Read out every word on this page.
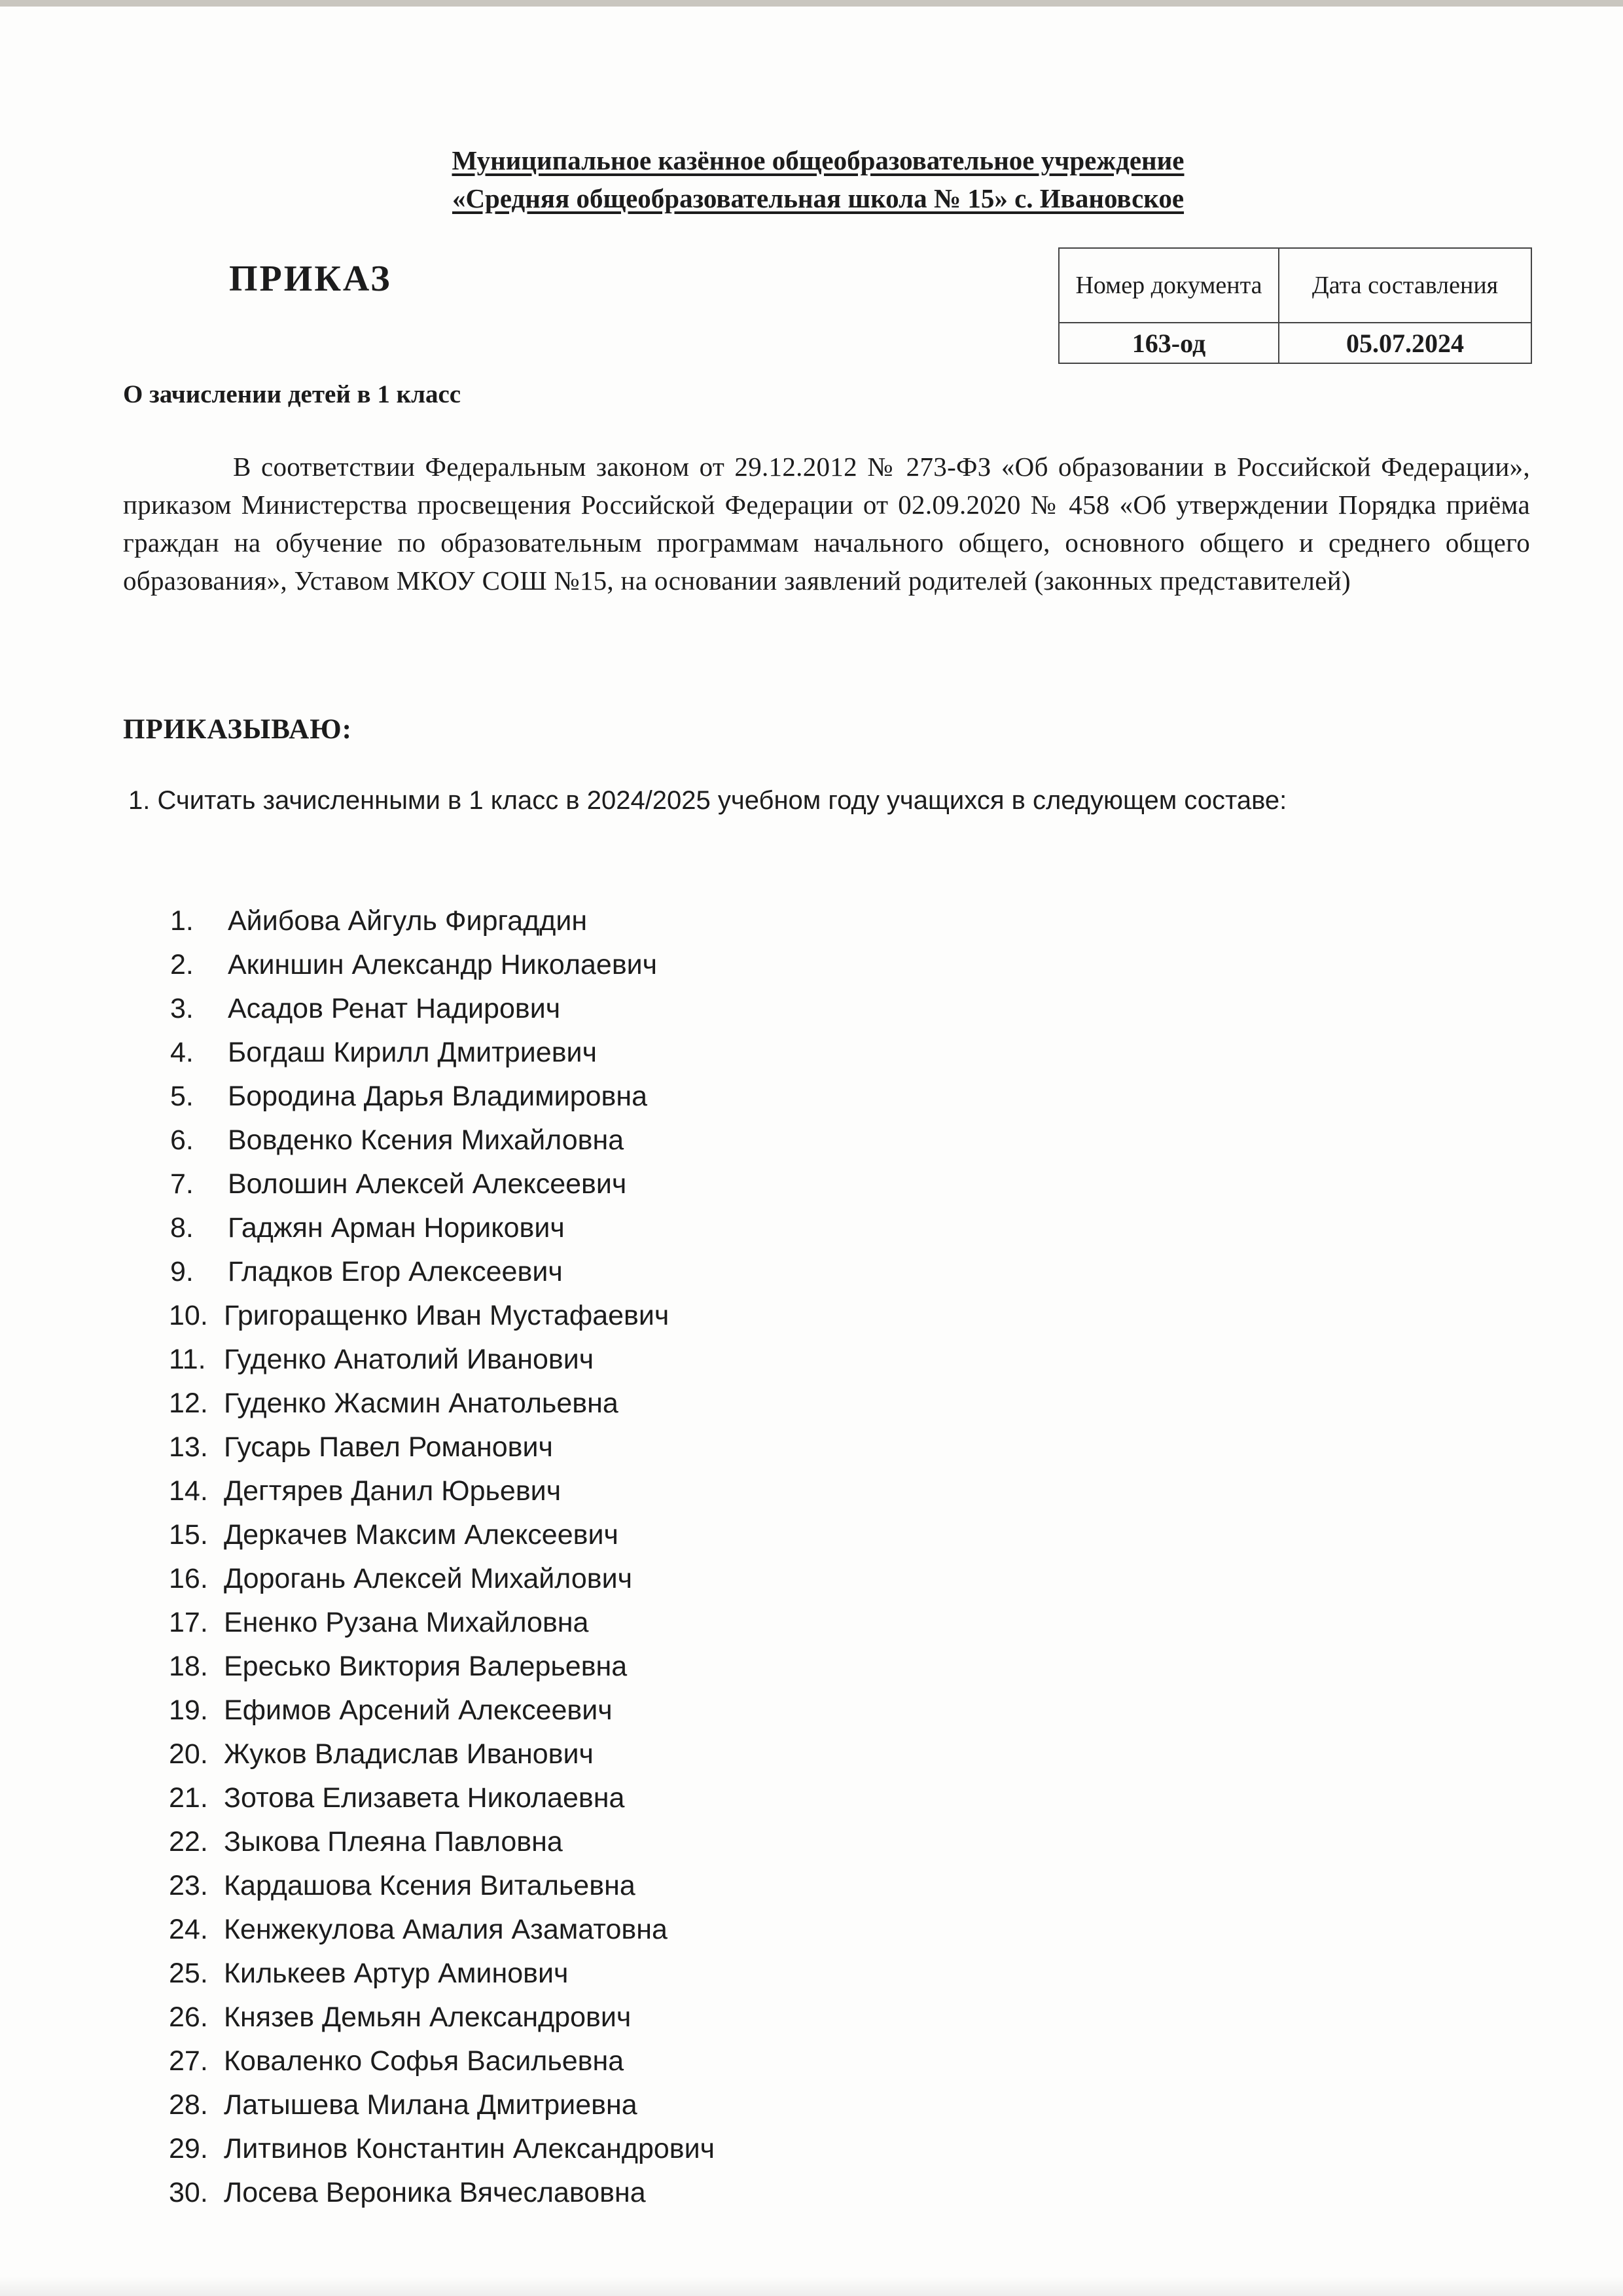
Муниципальное казённое общеобразовательное учреждение
«Средняя общеобразовательная школа № 15» с. Ивановское
ПРИКАЗ	Номер документа	Дата составления
163-од	05.07.2024
О зачислении детей в 1 класс
В соответствии Федеральным законом от 29.12.2012 № 273-ФЗ «Об образовании в Российской Федерации», приказом Министерства просвещения Российской Федерации от 02.09.2020 № 458 «Об утверждении Порядка приёма граждан на обучение по образовательным программам начального общего, основного общего и среднего общего образования», Уставом МКОУ СОШ №15, на основании заявлений родителей (законных представителей)
ПРИКАЗЫВАЮ:
1. Считать зачисленными в 1 класс в 2024/2025 учебном году учащихся в следующем составе:
1. Айибова Айгуль Фиргаддин
2. Акиншин Александр Николаевич
3. Асадов Ренат Надирович
4. Богдаш Кирилл Дмитриевич
5. Бородина Дарья Владимировна
6. Вовденко Ксения Михайловна
7. Волошин Алексей Алексеевич
8. Гаджян Арман Норикович
9. Гладков Егор Алексеевич
10. Григоращенко Иван Мустафаевич
11. Гуденко Анатолий Иванович
12. Гуденко Жасмин Анатольевна
13. Гусарь Павел Романович
14. Дегтярев Данил Юрьевич
15. Деркачев Максим Алексеевич
16. Дорогань Алексей Михайлович
17. Ененко Рузана Михайловна
18. Ересько Виктория Валерьевна
19. Ефимов Арсений Алексеевич
20. Жуков Владислав Иванович
21. Зотова Елизавета Николаевна
22. Зыкова Плеяна Павловна
23. Кардашова Ксения Витальевна
24. Кенжекулова Амалия Азаматовна
25. Килькеев Артур Аминович
26. Князев Демьян Александрович
27. Коваленко Софья Васильевна
28. Латышева Милана Дмитриевна
29. Литвинов Константин Александрович
30. Лосева Вероника Вячеславовна
